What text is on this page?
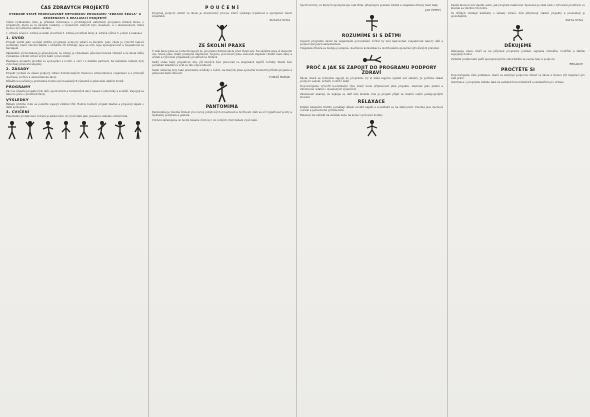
ČAS ZDRAVÝCH PROJEKTŮ
VYBRANÉ STATĚ PROPAGOVANÉ METODIKOU PROGRAMU "ZDRAVÁ ŠKOLA" A ZKUŠENOSTI S REALIZACÍ PROJEKTŮ
Cílem vydávaného listu je přinášet informace o probíhajících aktivitách programu Zdravá škola, o projektech, které se ve školách realizují, o výsledcích, kterých bylo dosaženo, a o zkušenostech, které mohou být užitečné dalším školám.
1. zdravé učení 2. zdravé sociální prostředí 3. zdravé prostředí školy 4. zdravá výživa 5. pohyb a relaxace
1. ÚVOD
Projekt vznikl jako součást širšího programu podpory zdraví ve školách. Jeho cílem je vytvořit takové podmínky, které umožní žákům i učitelům žít zdravěji, lépe se učit, lépe spolupracovat a respektovat se navzájem.
Základním východiskem je přesvědčení, že zdraví je výsledkem působení mnoha činitelů a že škola může významně ovlivnit zdraví svých žáků i pracovníků.
Realizace projektu probíhá ve spolupráci s rodiči, s obcí i s dalšími partnery. Ke každému tématu byly vytvořeny pracovní skupiny.
2. ZÁSADY
Projekt vychází ze zásad podpory zdraví formulovaných Světovou zdravotnickou organizací a z principů otevřené, tvořivé a demokratické školy.
Důležitou součástí je pravidelné hodnocení dosažených výsledků a plánování dalších kroků.
PROGRAMY
Žáci se účastní projektových dnů, sportovních a turistických akcí, besed s odborníky a soutěží. Zapojují se také do péče o prostředí školy.
VÝSLEDKY
Během prvního roku se podařilo zapojit většinu tříd. Rodiče hodnotí projekt kladně a projevují zájem o další spolupráci.
3. CVIČENÍ
Pravidelné protahovací cvičení je zařazováno do vyučování jako prevence vadného držení těla.
P O U Č E N Í
Program podpory zdraví ve škole je dlouhodobý proces, který vyžaduje trpělivost a spolupráci všech účastníků.
ZUZANA NOVÁ
ZE ŠKOLNÍ PRAXE
V naší škole jsme se rozhodli zapojit do programu Zdravá škola před třemi lety. Na začátku jsme si stanovili cíle, které jsme chtěli postupně naplňovat. Nejvíce pozornosti jsme věnovali zlepšení vztahů mezi žáky a učiteli a vytvoření příjemného prostředí ve třídách.
Velký ohlas měly projektové dny, při kterých žáci pracovali ve skupinách napříč ročníky. Starší žáci pomáhali mladším a učili se tak odpovědnosti.
Velmi užitečné byly také pravidelné schůzky s rodiči, na kterých jsme společně hodnotili průběh projektu a plánovali další činnosti.
TOMÁŠ HORÁK
PANTOMIMA
Pantomima je vhodná činnost pro rozvoj pohybových dovedností a tvořivosti. Děti se učí vyjadřovat pocity a myšlenky pohybem a gestem.
Cvičení zařazujeme do hodin tělesné výchovy i do volných chvil během vyučování.
Sportovní hry, ve kterých spolupracuje celá třída, přispívají k posílení vztahů a vzájemné důvěry mezi žáky.
JAN ČERNÝ
ROZUMÍME SI S DĚTMI
Úspěch programu závisí na vzájemném porozumění. Učitel by měl naslouchat, respektovat názory dětí a podporovat jejich samostatnost.
Vzájemná důvěra se buduje postupně, otevřenou komunikací a dodržováním společně vytvořených pravidel.
PROČ A JAK SE ZAPOJIT DO PROGRAMU PODPORY ZDRAVÍ
Škola, která se rozhodne zapojit do programu, by si měla nejprve ujasnit své záměry. Je potřeba získat podporu vedení, učitelů, rodičů i žáků.
Doporučujeme vytvořit koordinační tým, který bude připravovat plán projektu, sledovat jeho plnění a informovat ostatní o dosažených výsledcích.
Zkušenosti ukazují, že nejlépe se daří těm školám, kde je projekt přijat za vlastní celým pedagogickým sborem.
RELAXACE
Krátké relaxační chvilky pomáhají dětem uvolnit napětí a soustředit se na další práci. Vhodné jsou dechová cvičení a jednoduché protahování.
Relaxaci lze zařadit na začátek nebo na konec vyučovací hodiny.
Každá škola si volí vlastní cestu, jak program realizovat. Společné je však úsilí o vytvoření prostředí, ve kterém se všichni cítí dobře.
Ve třídách vznikají nástěnky s tématy zdraví, děti připravují vlastní projekty a prezentují je spolužákům.
PAVLA NOVÁ
DĚKUJEME
Děkujeme všem, kteří se na přípravě programu podíleli, zejména učitelům, rodičům a žákům zapojených škol.
Zvláštní poděkování patří spolupracujícím odborníkům za cenné rady a podporu.
REDAKCE
PROČTĚTE SI
Doporučujeme vám publikace, které se zabývají podporou zdraví ve škole a mohou být inspirací pro vaši práci.
Informace o programu získáte také na setkáních koordinátorů a seminářích pro učitele.
